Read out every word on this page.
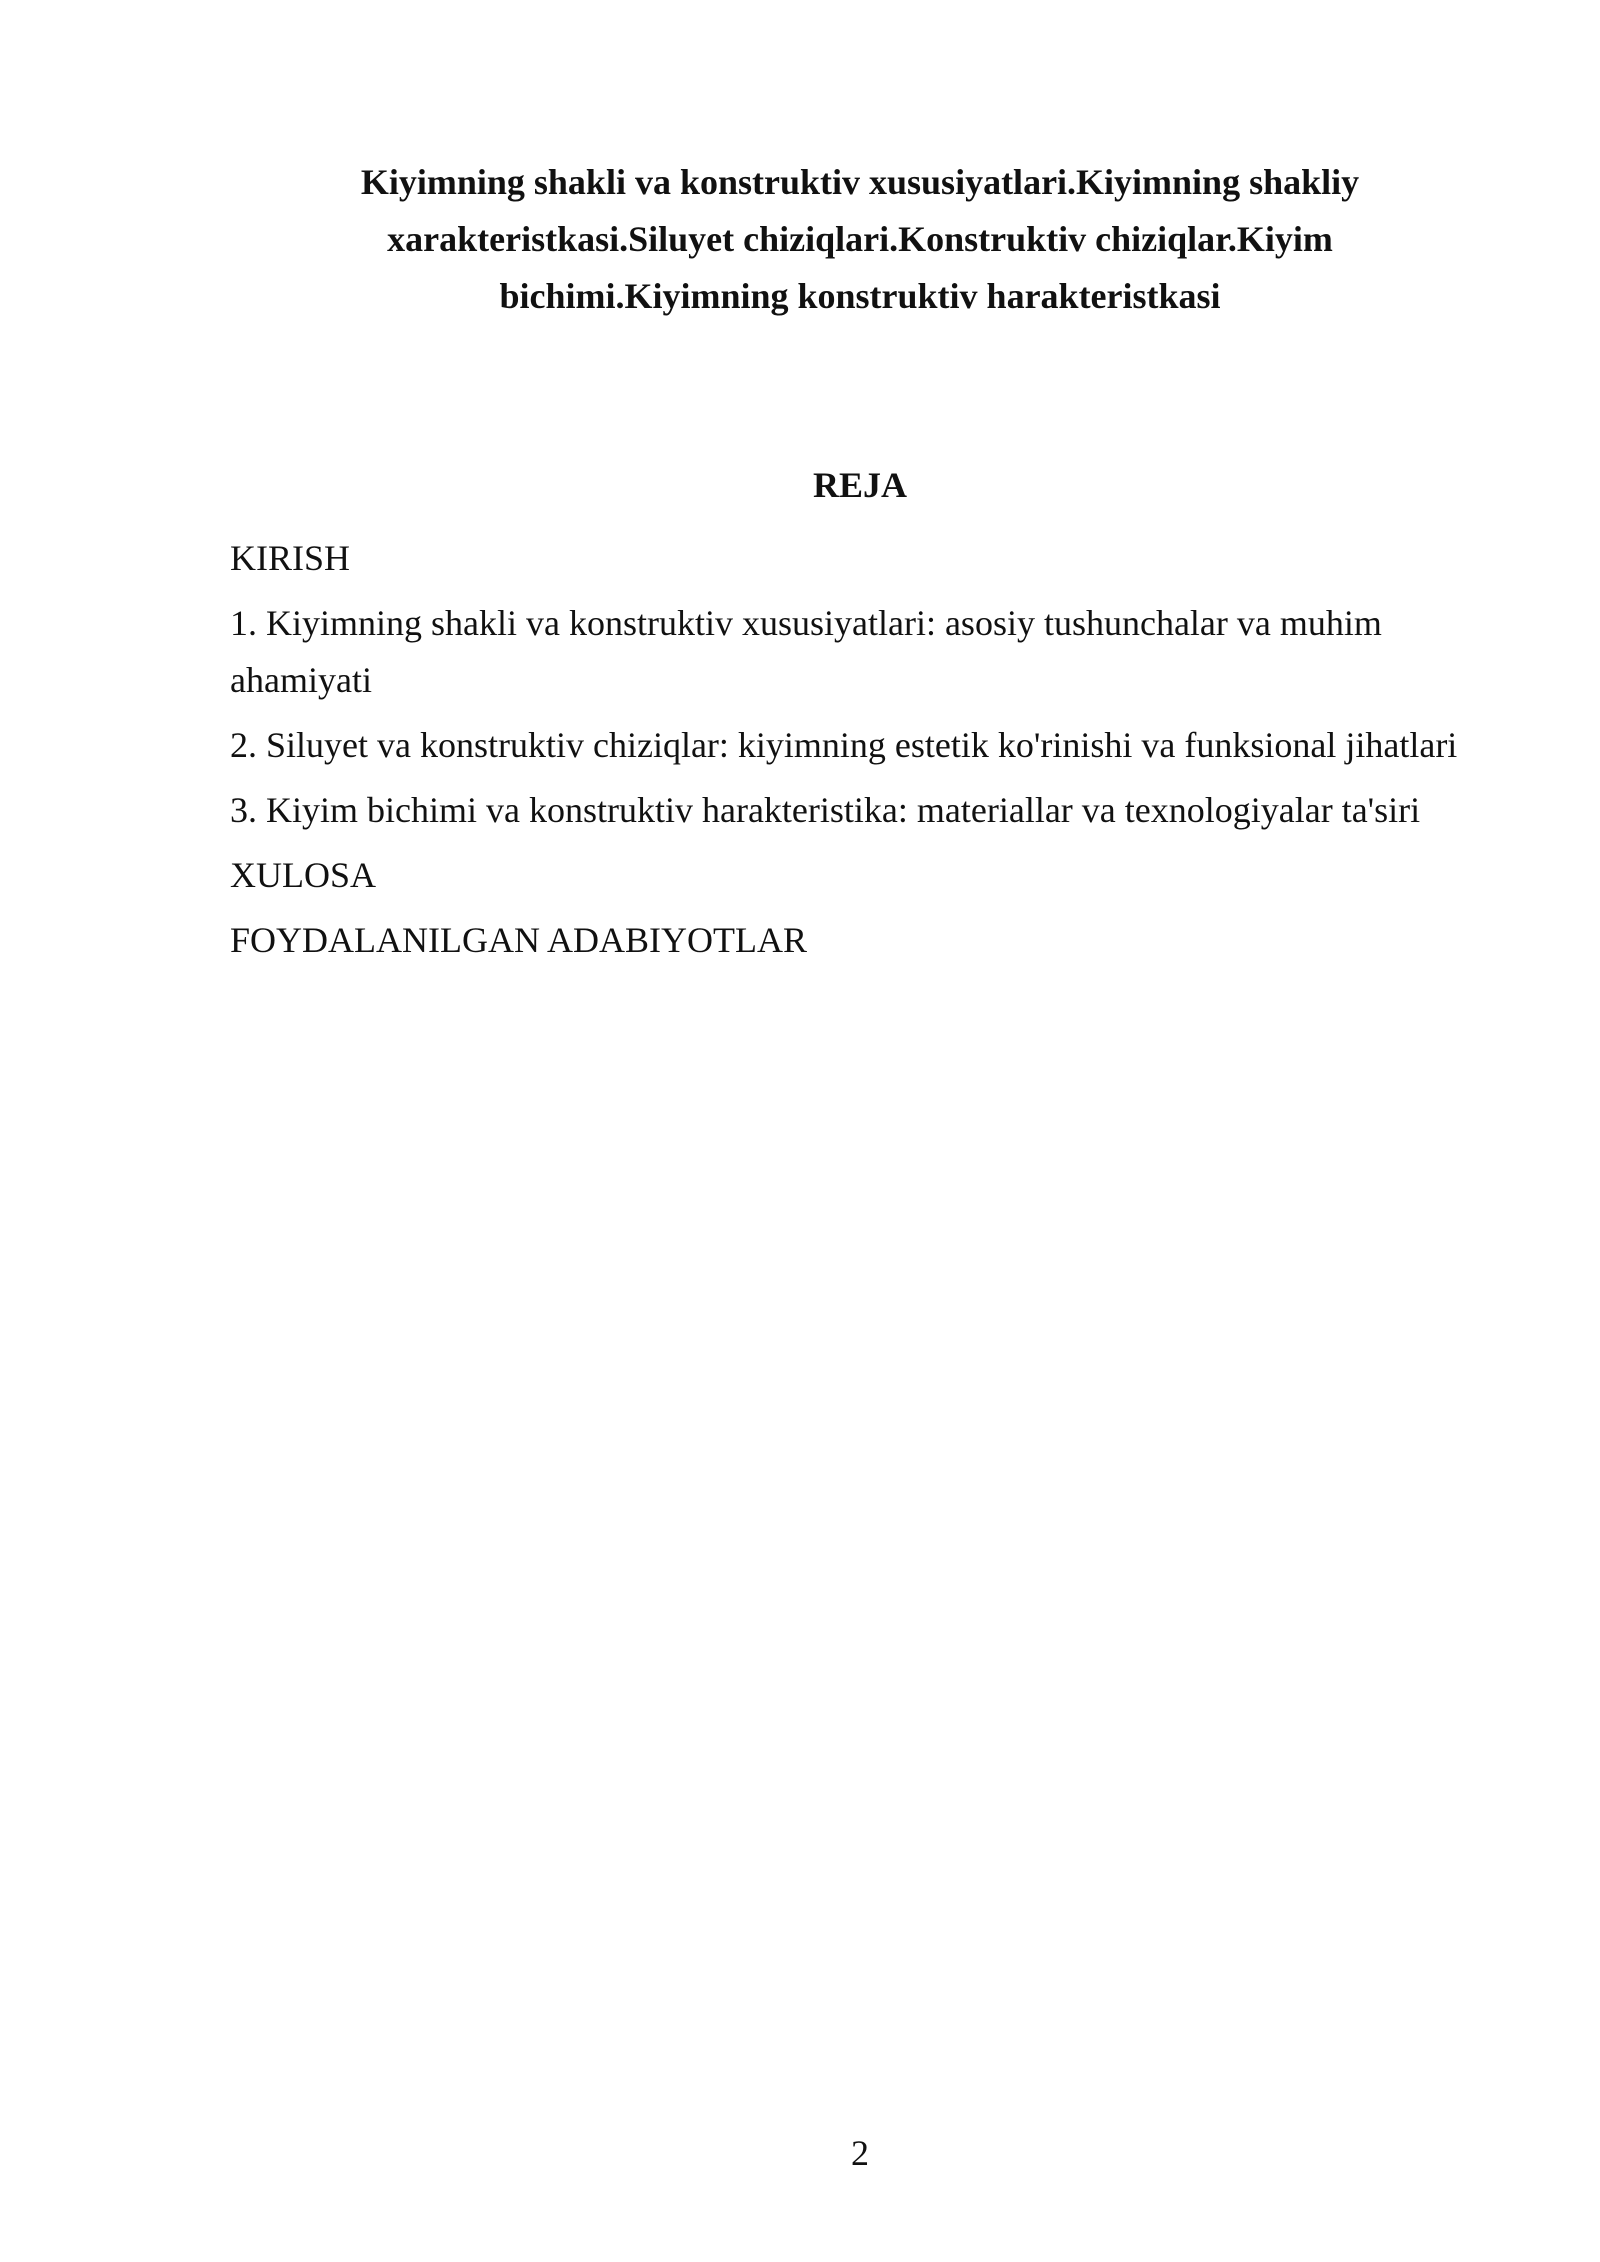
Kiyimning shakli va konstruktiv xususiyatlari.Kiyimning shakliy
xarakteristkasi.Siluyet chiziqlari.Konstruktiv chiziqlar.Kiyim
bichimi.Kiyimning konstruktiv harakteristkasi
REJA
KIRISH
1. Kiyimning shakli va konstruktiv xususiyatlari: asosiy tushunchalar va muhim ahamiyati
2. Siluyet va konstruktiv chiziqlar: kiyimning estetik ko'rinishi va funksional jihatlari
3. Kiyim bichimi va konstruktiv harakteristika: materiallar va texnologiyalar ta'siri
XULOSA
FOYDALANILGAN ADABIYOTLAR
2
